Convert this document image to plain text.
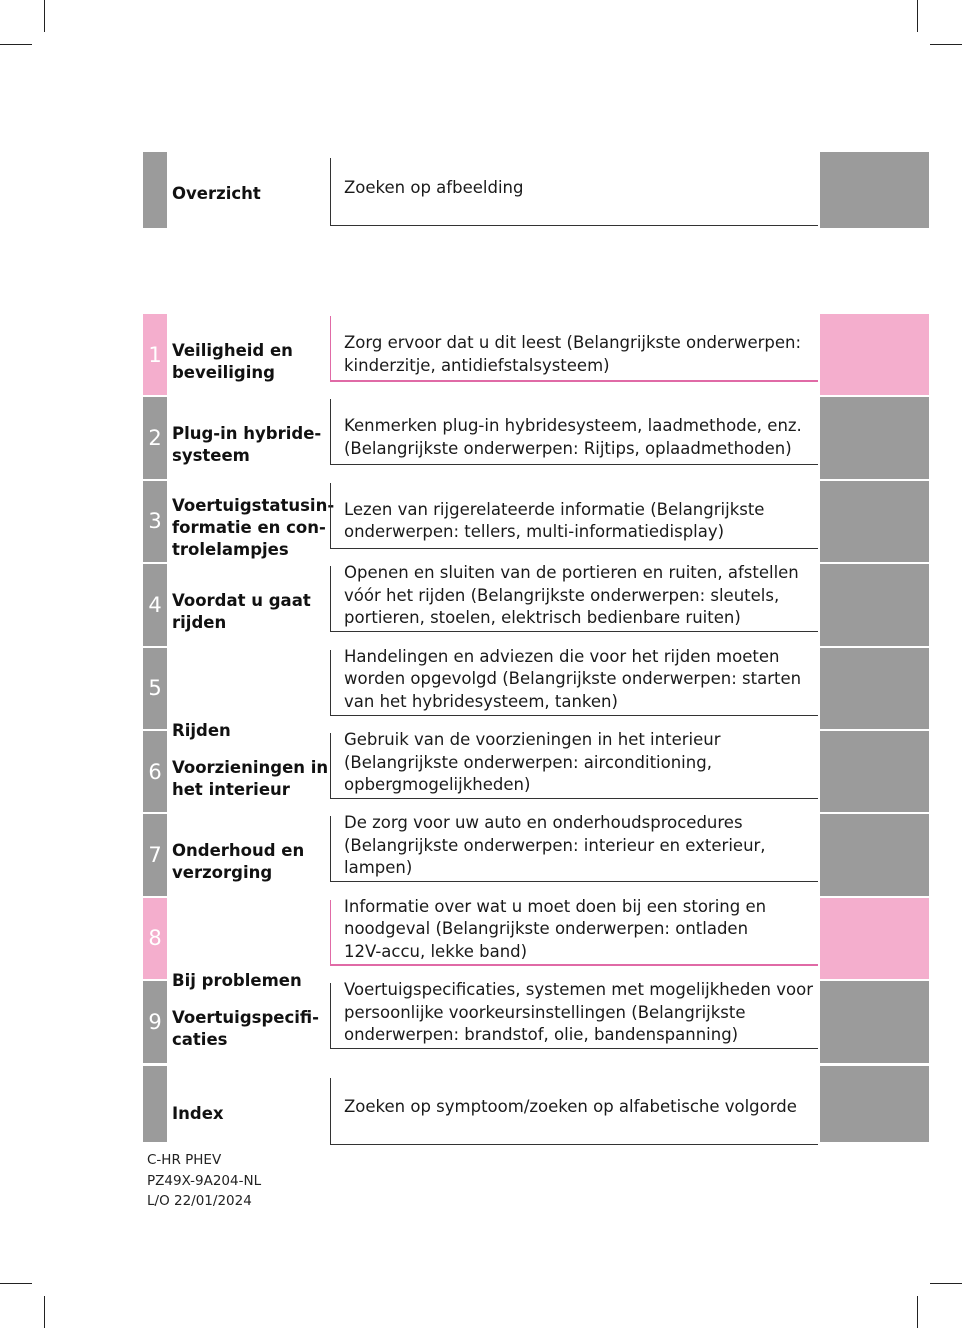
Overzicht	Zoeken op afbeelding
1 Veiligheid en
beveiliging
Zorg ervoor dat u dit leest (Belangrijkste onderwerpen:
kinderzitje, antidiefstalsysteem)
2 Plug-in hybride-
systeem
Kenmerken plug-in hybridesysteem, laadmethode, enz.
(Belangrijkste onderwerpen: Rijtips, oplaadmethoden)
3
Voertuigstatusin-
formatie en con-
trolelampjes
Lezen van rijgerelateerde informatie (Belangrijkste
onderwerpen: tellers, multi-informatiedisplay)
4 Voordat u gaat
rijden
Openen en sluiten van de portieren en ruiten, afstellen
vóór het rijden (Belangrijkste onderwerpen: sleutels,
portieren, stoelen, elektrisch bedienbare ruiten)
5
Rijden
Handelingen en adviezen die voor het rijden moeten
worden opgevolgd (Belangrijkste onderwerpen: starten
van het hybridesysteem, tanken)
6 Voorzieningen in
het interieur
Gebruik van de voorzieningen in het interieur
(Belangrijkste onderwerpen: airconditioning,
opbergmogelijkheden)
7 Onderhoud en
verzorging
De zorg voor uw auto en onderhoudsprocedures
(Belangrijkste onderwerpen: interieur en exterieur,
lampen)
8
Bij problemen
Informatie over wat u moet doen bij een storing en
noodgeval (Belangrijkste onderwerpen: ontladen
12V-accu, lekke band)
9 Voertuigspecifi-
caties
Voertuigspecificaties, systemen met mogelijkheden voor
persoonlijke voorkeursinstellingen (Belangrijkste
onderwerpen: brandstof, olie, bandenspanning)
Index	Zoeken op symptoom/zoeken op alfabetische volgorde
C-HR PHEV
PZ49X-9A204-NL
L/O 22/01/2024
